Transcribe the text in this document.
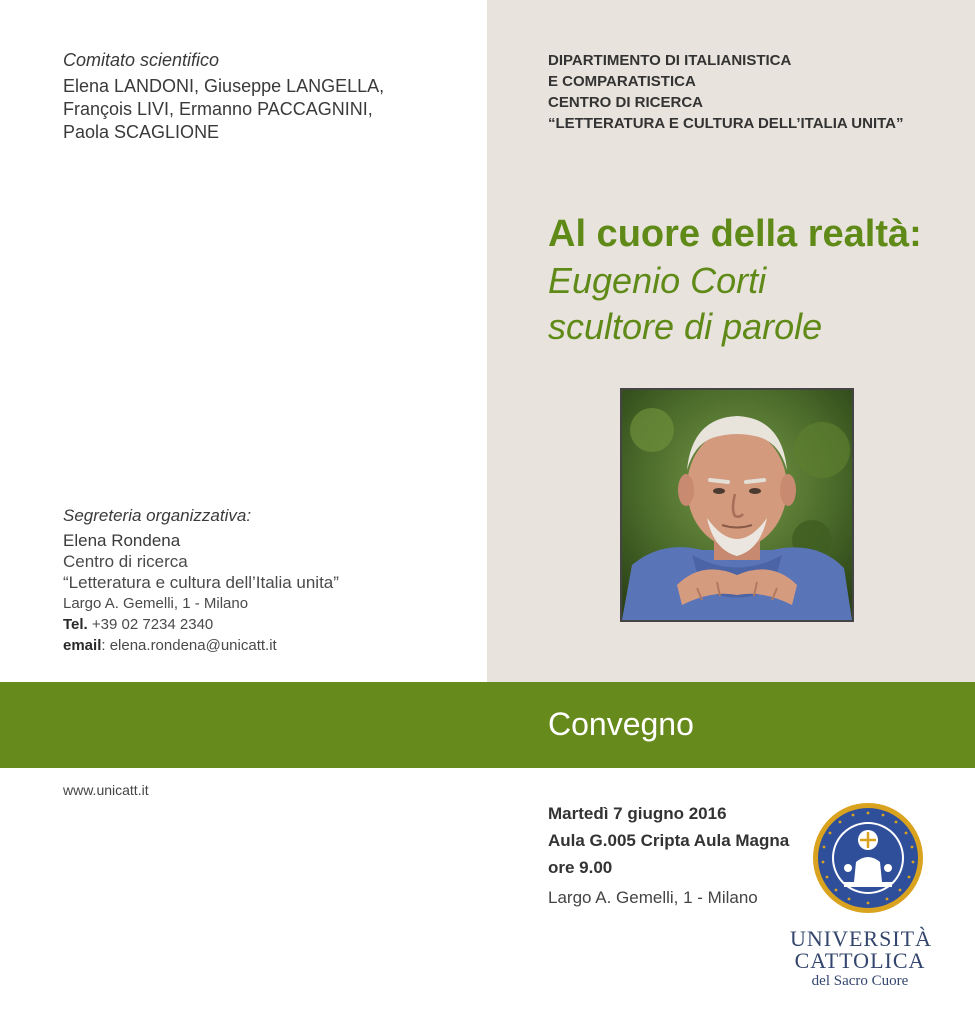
Comitato scientifico
Elena LANDONI, Giuseppe LANGELLA,
François LIVI, Ermanno PACCAGNINI,
Paola SCAGLIONE
Segreteria organizzativa:
Elena Rondena
Centro di ricerca
“Letteratura e cultura dell’Italia unita”
Largo A. Gemelli, 1 - Milano
Tel. +39 02 7234 2340
email: elena.rondena@unicatt.it
DIPARTIMENTO DI ITALIANISTICA
E COMPARATISTICA
CENTRO DI RICERCA
“LETTERATURA E CULTURA DELL’ITALIA UNITA”
Al cuore della realtà:
Eugenio Corti
scultore di parole
Convegno
www.unicatt.it
Martedì 7 giugno 2016
Aula G.005 Cripta Aula Magna
ore 9.00
Largo A. Gemelli, 1 - Milano
UNIVERSITÀ
CATTOLICA
del Sacro Cuore
